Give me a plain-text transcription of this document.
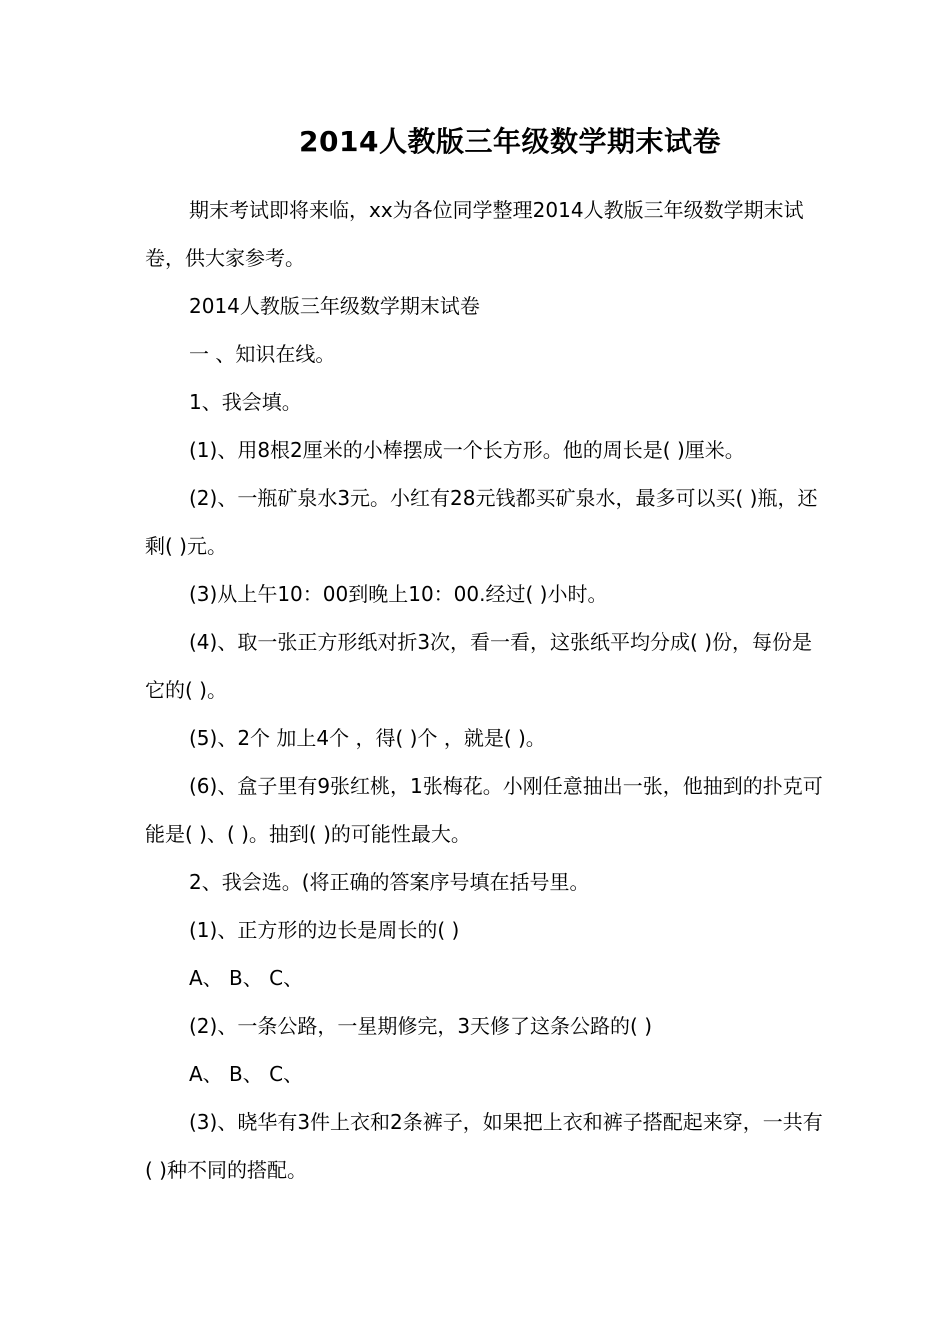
2014人教版三年级数学期末试卷

期末考试即将来临，xx为各位同学整理2014人教版三年级数学期末试卷，供大家参考。

2014人教版三年级数学期末试卷

一 、知识在线。

1、我会填。

(1)、用8根2厘米的小棒摆成一个长方形。他的周长是( )厘米。

(2)、一瓶矿泉水3元。小红有28元钱都买矿泉水，最多可以买( )瓶，还剩( )元。

(3)从上午10：00到晚上10：00.经过( )小时。

(4)、取一张正方形纸对折3次，看一看，这张纸平均分成( )份，每份是它的( )。

(5)、2个 加上4个 ，得( )个 ，就是( )。

(6)、盒子里有9张红桃，1张梅花。小刚任意抽出一张，他抽到的扑克可能是( )、( )。抽到( )的可能性最大。

2、我会选。(将正确的答案序号填在括号里。

(1)、正方形的边长是周长的( )

A、 B、 C、

(2)、一条公路，一星期修完，3天修了这条公路的( )

A、 B、 C、

(3)、晓华有3件上衣和2条裤子，如果把上衣和裤子搭配起来穿，一共有( )种不同的搭配。
